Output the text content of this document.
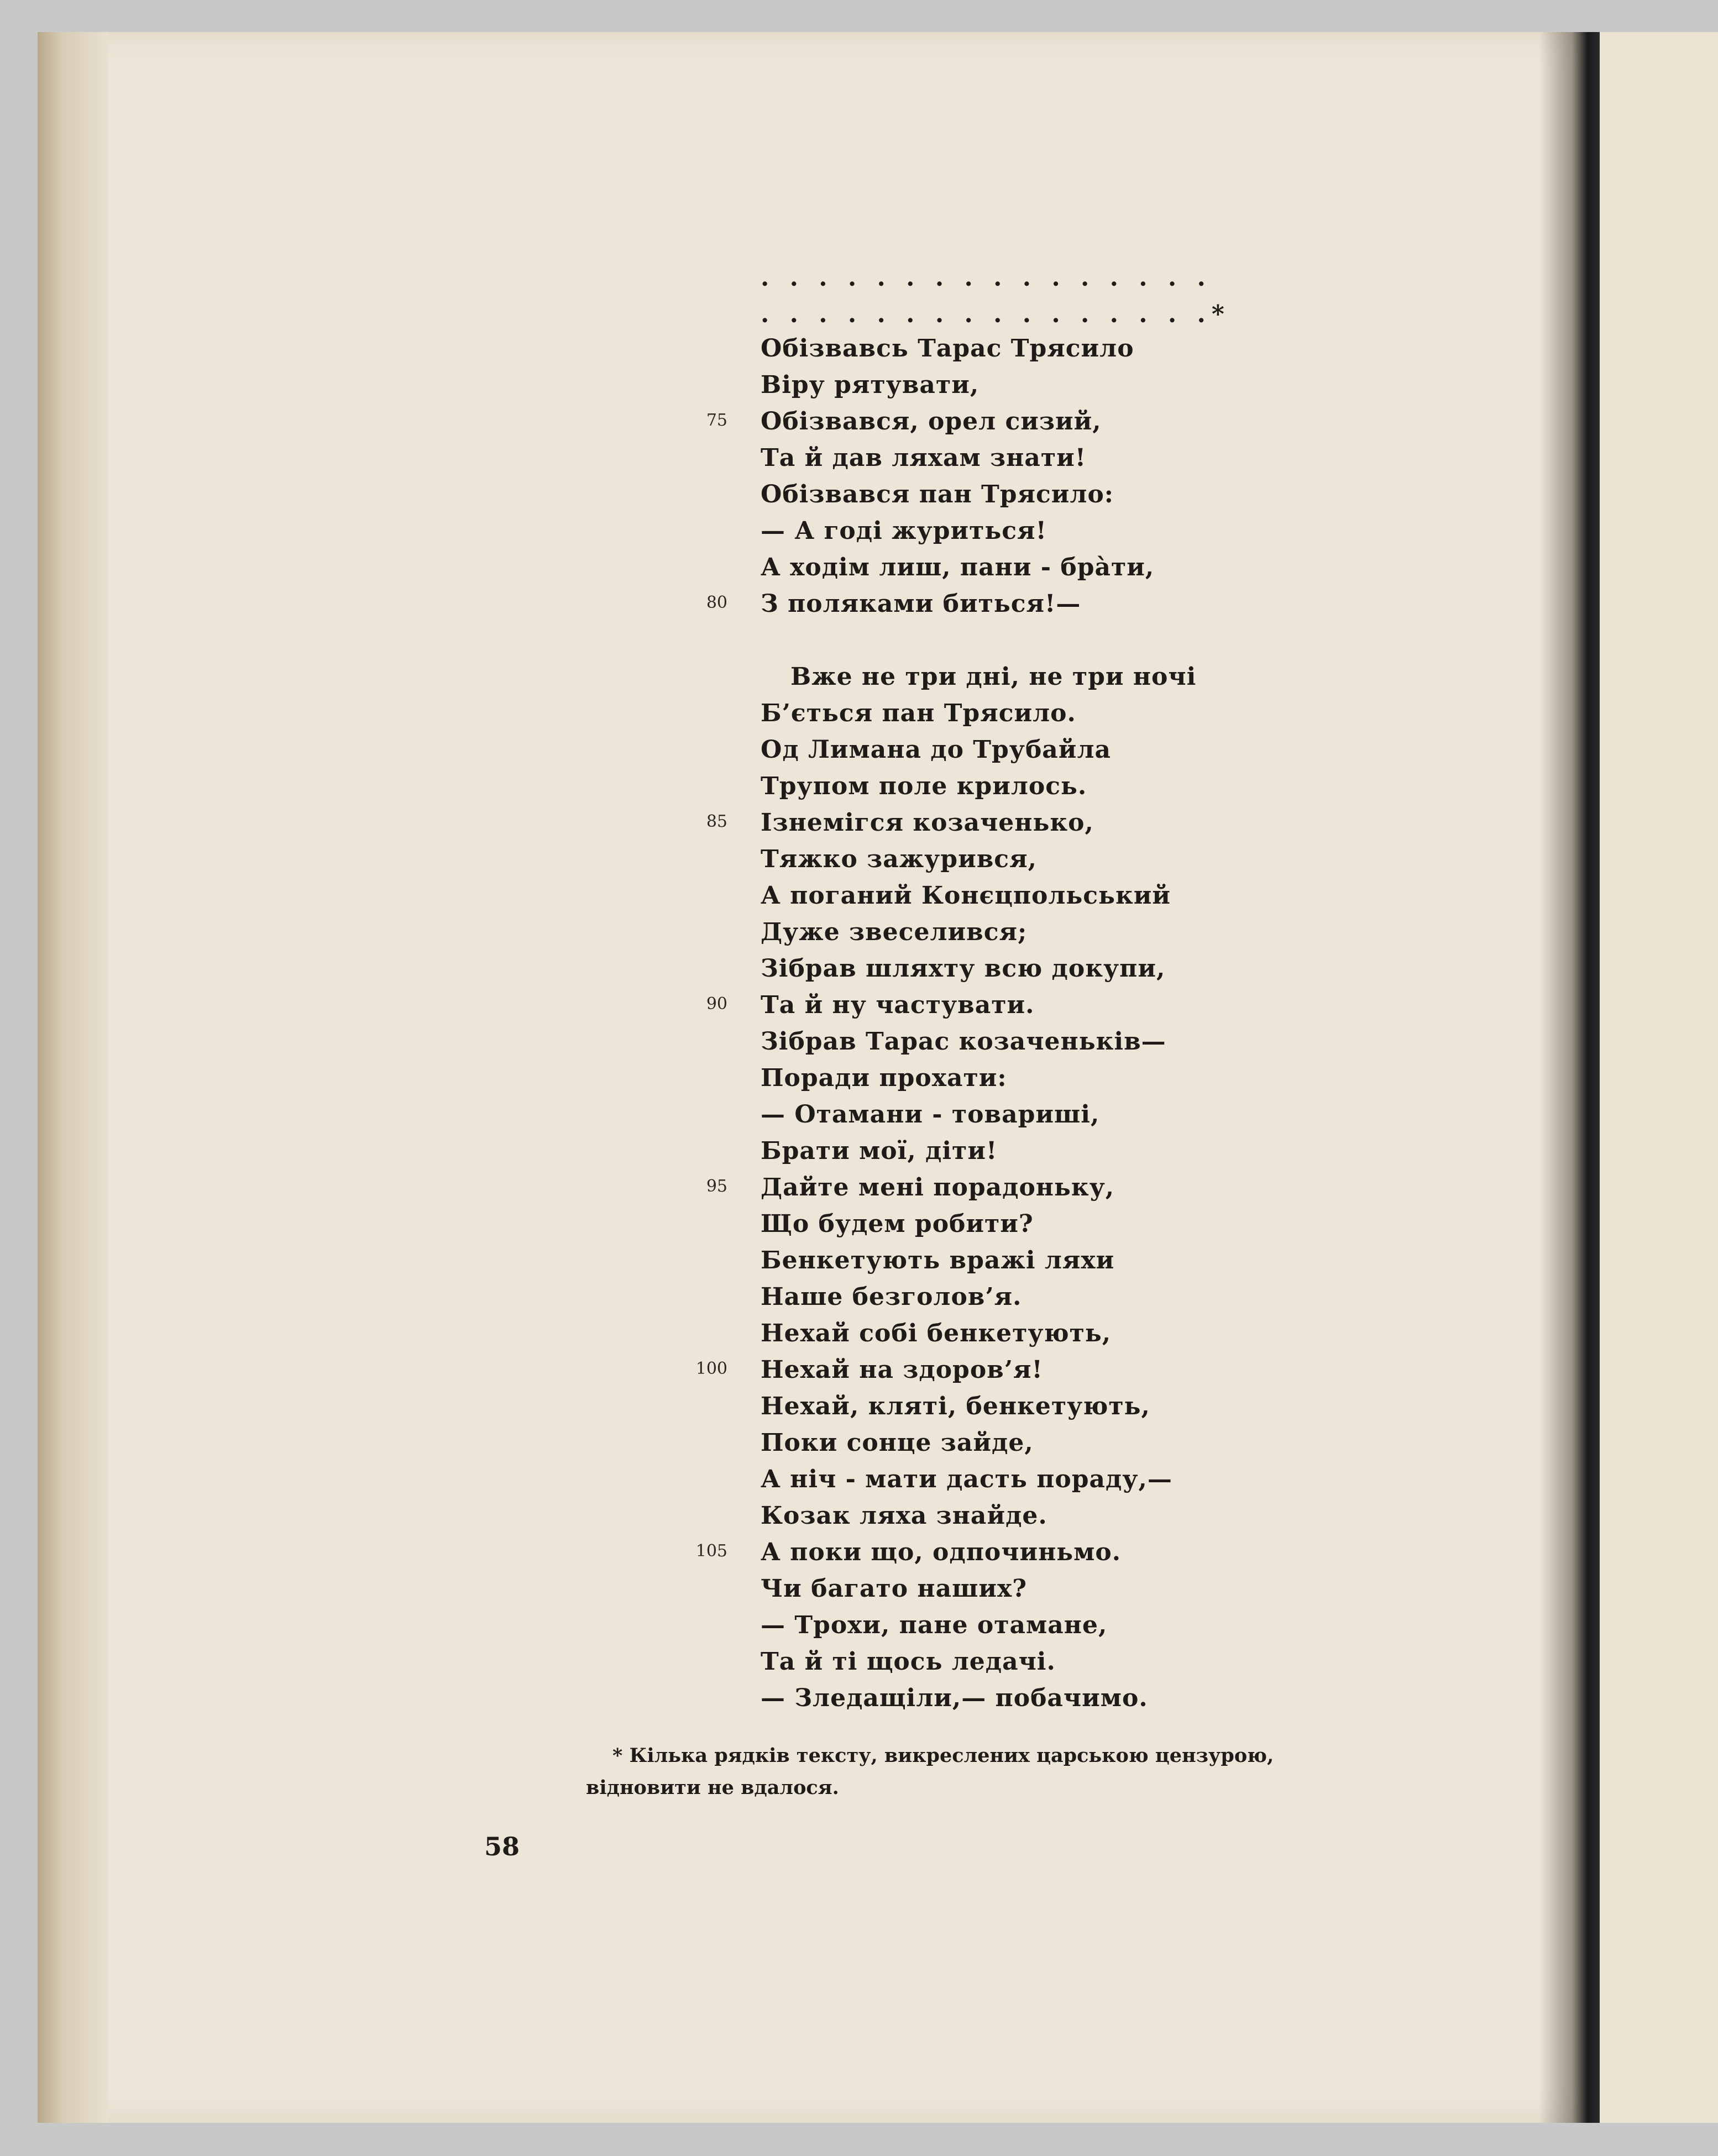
. . . . . . . . . . . . . . . .
. . . . . . . . . . . . . . . .*
Обізвавсь Тарас Трясило
Віру рятувати,
75 Обізвався, орел сизий,
Та й дав ляхам знати!
Обізвався пан Трясило:
— А годі журиться!
А ходім лиш, пани - брàти,
80 З поляками биться!—
Вже не три дні, не три ночі
Б’ється пан Трясило.
Од Лимана до Трубайла
Трупом поле крилось.
85 Ізнемігся козаченько,
Тяжко зажурився,
А поганий Конєцпольський
Дуже звеселився;
Зібрав шляхту всю докупи,
90 Та й ну частувати.
Зібрав Тарас козаченьків—
Поради прохати:
— Отамани - товариші,
Брати мої, діти!
95 Дайте мені порадоньку,
Що будем робити?
Бенкетують вражі ляхи
Наше безголов’я.
Нехай собі бенкетують,
100 Нехай на здоров’я!
Нехай, кляті, бенкетують,
Поки сонце зайде,
А ніч - мати дасть пораду,—
Козак ляха знайде.
105 А поки що, одпочиньмо.
Чи багато наших?
— Трохи, пане отамане,
Та й ті щось ледачі.
— Зледащіли,— побачимо.
* Кілька рядків тексту, викреслених царською цензурою,
відновити не вдалося.
58
